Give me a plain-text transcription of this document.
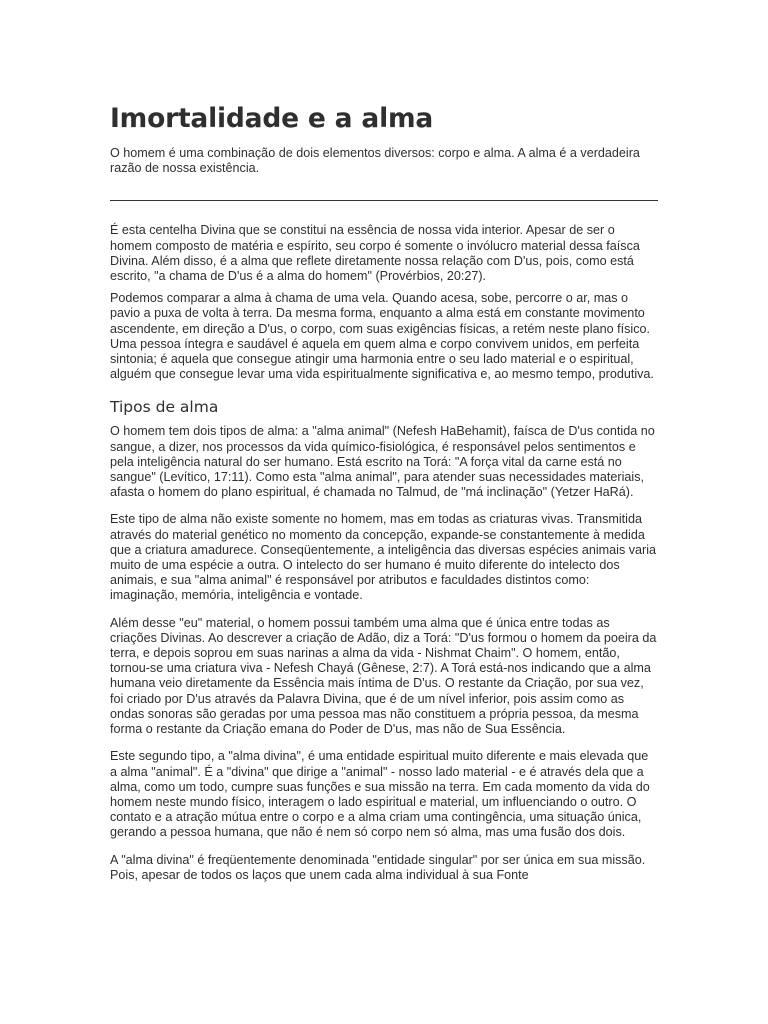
Imortalidade e a alma

O homem é uma combinação de dois elementos diversos: corpo e alma. A alma é a verdadeira razão de nossa existência.

É esta centelha Divina que se constitui na essência de nossa vida interior. Apesar de ser o homem composto de matéria e espírito, seu corpo é somente o invólucro material dessa faísca Divina. Além disso, é a alma que reflete diretamente nossa relação com D'us, pois, como está escrito, "a chama de D'us é a alma do homem" (Provérbios, 20:27).

Podemos comparar a alma à chama de uma vela. Quando acesa, sobe, percorre o ar, mas o pavio a puxa de volta à terra. Da mesma forma, enquanto a alma está em constante movimento ascendente, em direção a D'us, o corpo, com suas exigências físicas, a retém neste plano físico. Uma pessoa íntegra e saudável é aquela em quem alma e corpo convivem unidos, em perfeita sintonia; é aquela que consegue atingir uma harmonia entre o seu lado material e o espiritual, alguém que consegue levar uma vida espiritualmente significativa e, ao mesmo tempo, produtiva.

Tipos de alma

O homem tem dois tipos de alma: a "alma animal" (Nefesh HaBehamit), faísca de D'us contida no sangue, a dizer, nos processos da vida químico-fisiológica, é responsável pelos sentimentos e pela inteligência natural do ser humano. Está escrito na Torá: "A força vital da carne está no sangue" (Levítico, 17:11). Como esta "alma animal", para atender suas necessidades materiais, afasta o homem do plano espiritual, é chamada no Talmud, de "má inclinação" (Yetzer HaRá).

Este tipo de alma não existe somente no homem, mas em todas as criaturas vivas. Transmitida através do material genético no momento da concepção, expande-se constantemente à medida que a criatura amadurece. Conseqüentemente, a inteligência das diversas espécies animais varia muito de uma espécie a outra. O intelecto do ser humano é muito diferente do intelecto dos animais, e sua "alma animal" é responsável por atributos e faculdades distintos como: imaginação, memória, inteligência e vontade.

Além desse "eu" material, o homem possui também uma alma que é única entre todas as criações Divinas. Ao descrever a criação de Adão, diz a Torá: "D'us formou o homem da poeira da terra, e depois soprou em suas narinas a alma da vida - Nishmat Chaim". O homem, então, tornou-se uma criatura viva - Nefesh Chayá (Gênese, 2:7). A Torá está-nos indicando que a alma humana veio diretamente da Essência mais íntima de D'us. O restante da Criação, por sua vez, foi criado por D'us através da Palavra Divina, que é de um nível inferior, pois assim como as ondas sonoras são geradas por uma pessoa mas não constituem a própria pessoa, da mesma forma o restante da Criação emana do Poder de D'us, mas não de Sua Essência.

Este segundo tipo, a "alma divina", é uma entidade espiritual muito diferente e mais elevada que a alma "animal". É a "divina" que dirige a "animal" - nosso lado material - e é através dela que a alma, como um todo, cumpre suas funções e sua missão na terra. Em cada momento da vida do homem neste mundo físico, interagem o lado espiritual e material, um influenciando o outro. O contato e a atração mútua entre o corpo e a alma criam uma contingência, uma situação única, gerando a pessoa humana, que não é nem só corpo nem só alma, mas uma fusão dos dois.

A "alma divina" é freqüentemente denominada "entidade singular" por ser única em sua missão. Pois, apesar de todos os laços que unem cada alma individual à sua Fonte
